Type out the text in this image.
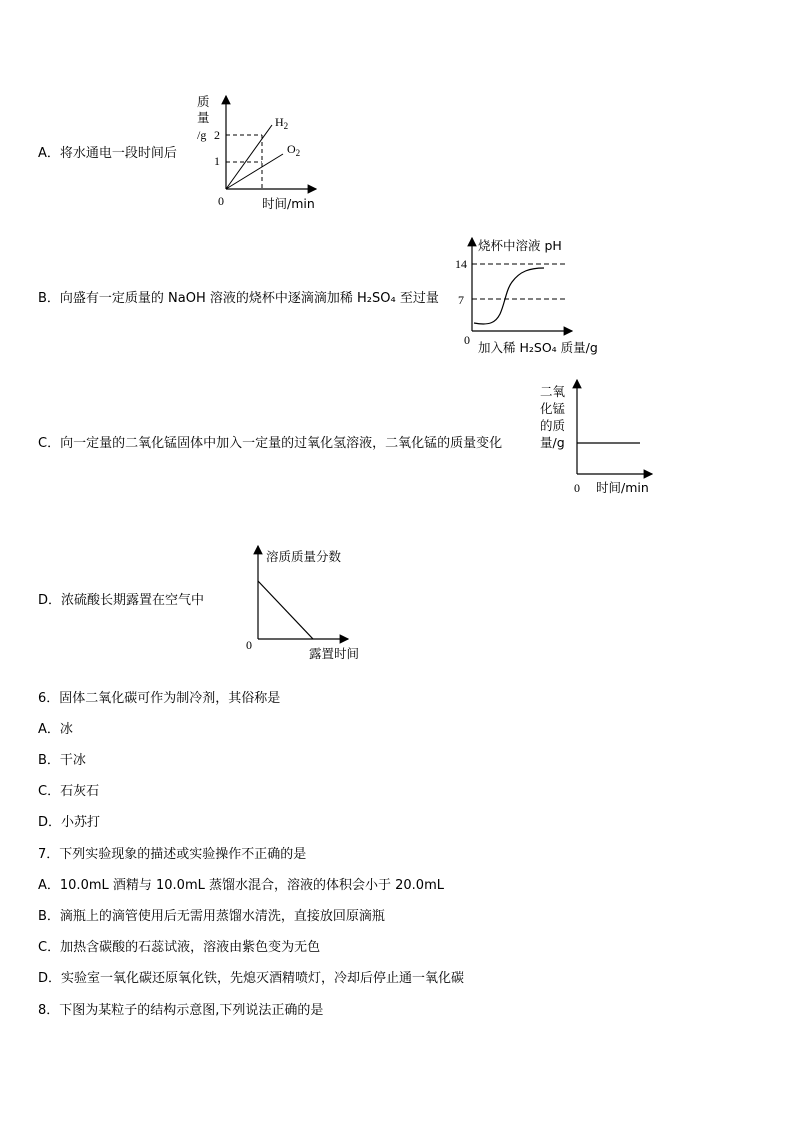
A．将水通电一段时间后
质
量
/g 2
1
$H_2$
$O_2$
0	时间/min
B．向盛有一定质量的 NaOH 溶液的烧杯中逐滴滴加稀 H₂SO₄ 至过量
烧杯中溶液 pH
14
7
0 加入稀 H₂SO₄ 质量/g
C．向一定量的二氧化锰固体中加入一定量的过氧化氢溶液，二氧化锰的质量变化
二氧
化锰
的质
量/g
0 时间/min
D．浓硫酸长期露置在空气中
溶质质量分数
0
露置时间
6．固体二氧化碳可作为制冷剂，其俗称是
A．冰
B．干冰
C．石灰石
D．小苏打
7．下列实验现象的描述或实验操作不正确的是
A．10.0mL 酒精与 10.0mL 蒸馏水混合，溶液的体积会小于 20.0mL
B．滴瓶上的滴管使用后无需用蒸馏水清洗，直接放回原滴瓶
C．加热含碳酸的石蕊试液，溶液由紫色变为无色
D．实验室一氧化碳还原氧化铁，先熄灭酒精喷灯，冷却后停止通一氧化碳
8．下图为某粒子的结构示意图,下列说法正确的是
